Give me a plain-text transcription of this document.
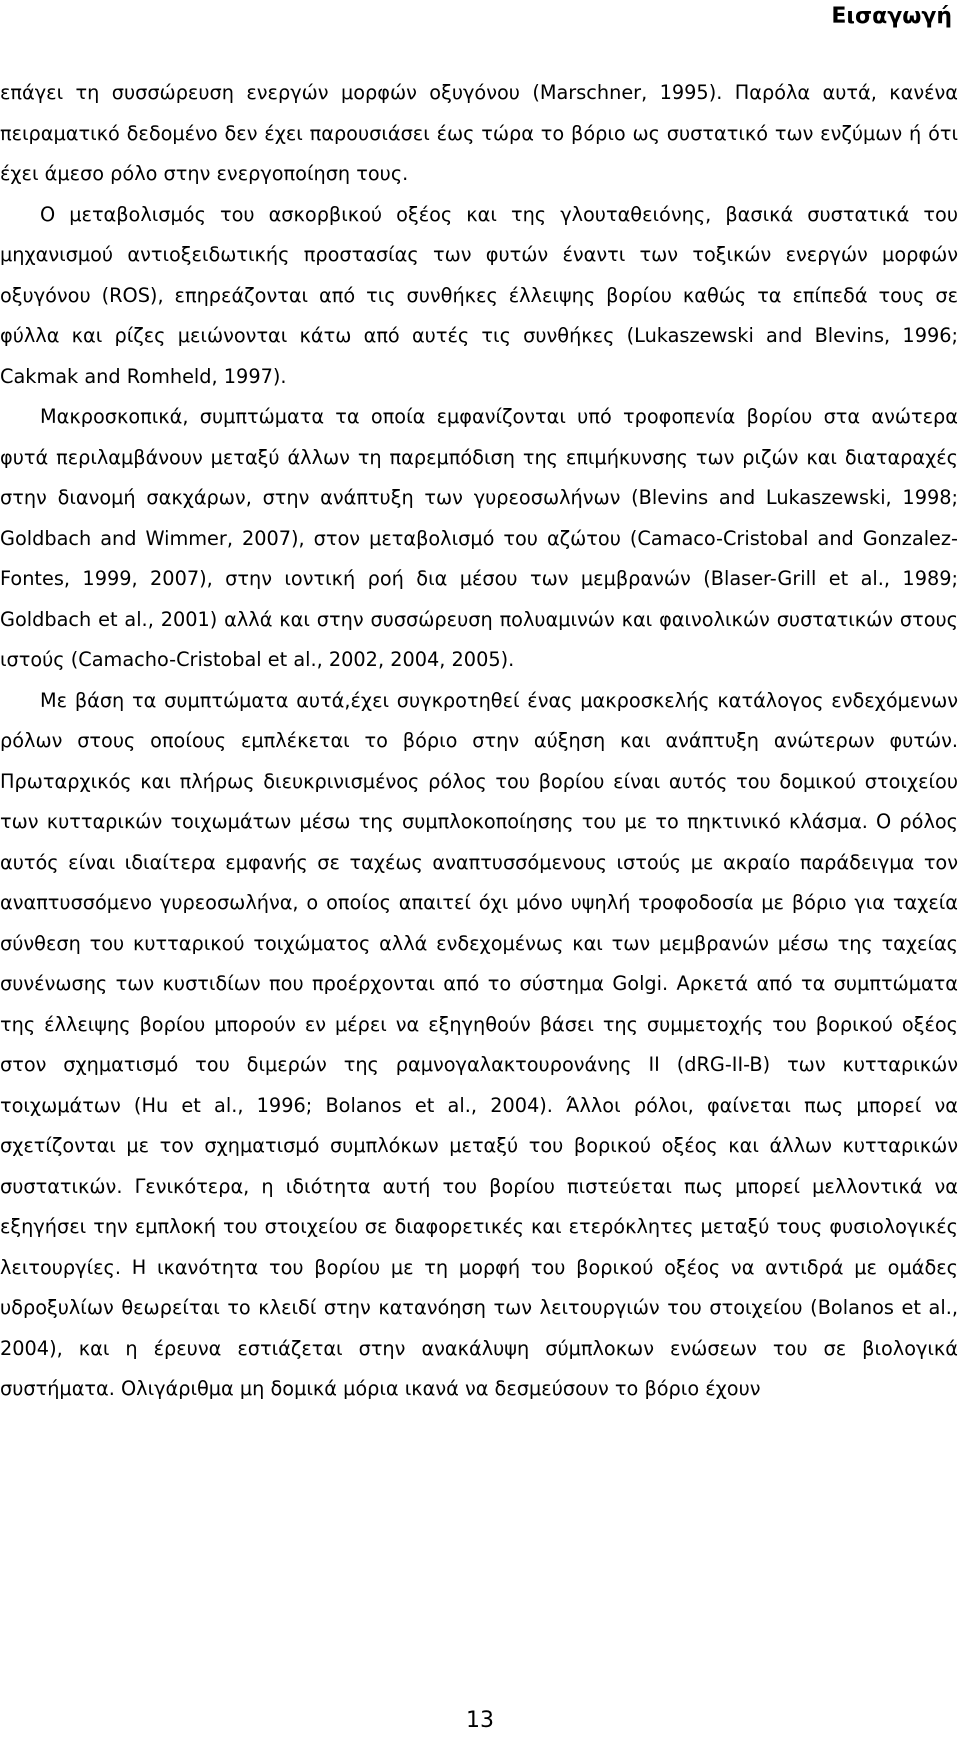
Εισαγωγή

επάγει τη συσσώρευση ενεργών μορφών οξυγόνου (Marschner, 1995). Παρόλα αυτά, κανένα πειραματικό δεδομένο δεν έχει παρουσιάσει έως τώρα το βόριο ως συστατικό των ενζύμων ή ότι έχει άμεσο ρόλο στην ενεργοποίηση τους.

Ο μεταβολισμός του ασκορβικού οξέος και της γλουταθειόνης, βασικά συστατικά του μηχανισμού αντιοξειδωτικής προστασίας των φυτών έναντι των τοξικών ενεργών μορφών οξυγόνου (ROS), επηρεάζονται από τις συνθήκες έλλειψης βορίου καθώς τα επίπεδά τους σε φύλλα και ρίζες μειώνονται κάτω από αυτές τις συνθήκες (Lukaszewski and Blevins, 1996; Cakmak and Romheld, 1997).

Μακροσκοπικά, συμπτώματα τα οποία εμφανίζονται υπό τροφοπενία βορίου στα ανώτερα φυτά περιλαμβάνουν μεταξύ άλλων τη παρεμπόδιση της επιμήκυνσης των ριζών και διαταραχές στην διανομή σακχάρων, στην ανάπτυξη των γυρεοσωλήνων (Blevins and Lukaszewski, 1998; Goldbach and Wimmer, 2007), στον μεταβολισμό του αζώτου (Camaco-Cristobal and Gonzalez-Fontes, 1999, 2007), στην ιοντική ροή δια μέσου των μεμβρανών (Blaser-Grill et al., 1989; Goldbach et al., 2001) αλλά και στην συσσώρευση πολυαμινών και φαινολικών συστατικών στους ιστούς (Camacho-Cristobal et al., 2002, 2004, 2005).

Με βάση τα συμπτώματα αυτά,έχει συγκροτηθεί ένας μακροσκελής κατάλογος ενδεχόμενων ρόλων στους οποίους εμπλέκεται το βόριο στην αύξηση και ανάπτυξη ανώτερων φυτών. Πρωταρχικός και πλήρως διευκρινισμένος ρόλος του βορίου είναι αυτός του δομικού στοιχείου των κυτταρικών τοιχωμάτων μέσω της συμπλοκοποίησης του με το πηκτινικό κλάσμα. Ο ρόλος αυτός είναι ιδιαίτερα εμφανής σε ταχέως αναπτυσσόμενους ιστούς με ακραίο παράδειγμα τον αναπτυσσόμενο γυρεοσωλήνα, ο οποίος απαιτεί όχι μόνο υψηλή τροφοδοσία με βόριο για ταχεία σύνθεση του κυτταρικού τοιχώματος αλλά ενδεχομένως και των μεμβρανών μέσω της ταχείας συνένωσης των κυστιδίων που προέρχονται από το σύστημα Golgi. Αρκετά από τα συμπτώματα της έλλειψης βορίου μπορούν εν μέρει να εξηγηθούν βάσει της συμμετοχής του βορικού οξέος στον σχηματισμό του διμερών της ραμνογαλακτουρονάνης ΙΙ (dRG-II-B) των κυτταρικών τοιχωμάτων (Hu et al., 1996; Bolanos et al., 2004). Άλλοι ρόλοι, φαίνεται πως μπορεί να σχετίζονται με τον σχηματισμό συμπλόκων μεταξύ του βορικού οξέος και άλλων κυτταρικών συστατικών. Γενικότερα, η ιδιότητα αυτή του βορίου πιστεύεται πως μπορεί μελλοντικά να εξηγήσει την εμπλοκή του στοιχείου σε διαφορετικές και ετερόκλητες μεταξύ τους φυσιολογικές λειτουργίες. Η ικανότητα του βορίου με τη μορφή του βορικού οξέος να αντιδρά με ομάδες υδροξυλίων θεωρείται το κλειδί στην κατανόηση των λειτουργιών του στοιχείου (Bolanos et al., 2004), και η έρευνα εστιάζεται στην ανακάλυψη σύμπλοκων ενώσεων του σε βιολογικά συστήματα. Ολιγάριθμα μη δομικά μόρια ικανά να δεσμεύσουν το βόριο έχουν

13
